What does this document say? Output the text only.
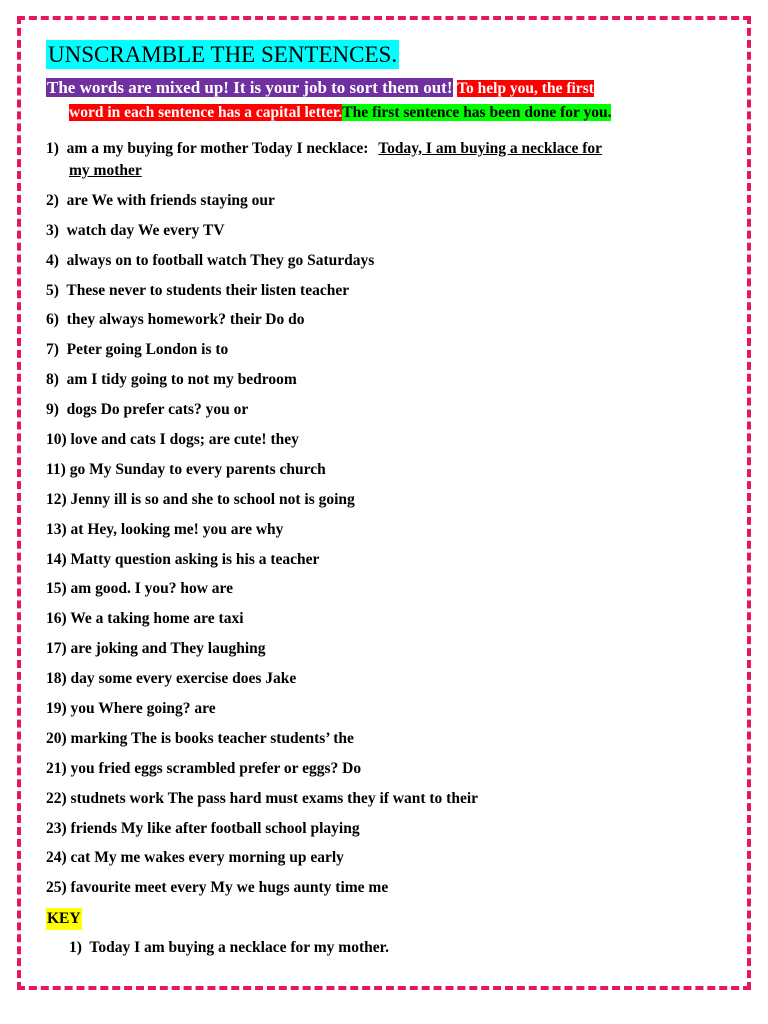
UNSCRAMBLE THE SENTENCES.
The words are mixed up! It is your job to sort them out! To help you, the first
word in each sentence has a capital letter.The first sentence has been done for you.
1) am a my buying for mother Today I necklace: Today, I am buying a necklace for
my mother
2) are We with friends staying our
3) watch day We every TV
4) always on to football watch They go Saturdays
5) These never to students their listen teacher
6) they always homework? their Do do
7) Peter going London is to
8) am I tidy going to not my bedroom
9) dogs Do prefer cats? you or
10) love and cats I dogs; are cute! they
11) go My Sunday to every parents church
12) Jenny ill is so and she to school not is going
13) at Hey, looking me! you are why
14) Matty question asking is his a teacher
15) am good. I you? how are
16) We a taking home are taxi
17) are joking and They laughing
18) day some every exercise does Jake
19) you Where going? are
20) marking The is books teacher students’ the
21) you fried eggs scrambled prefer or eggs? Do
22) studnets work The pass hard must exams they if want to their
23) friends My like after football school playing
24) cat My me wakes every morning up early
25) favourite meet every My we hugs aunty time me
KEY
1) Today I am buying a necklace for my mother.
